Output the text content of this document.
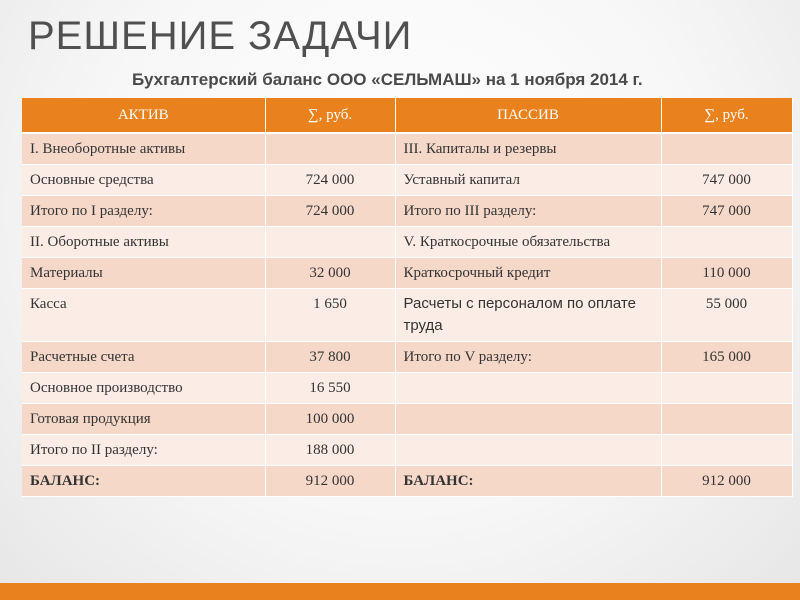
РЕШЕНИЕ ЗАДАЧИ
Бухгалтерский баланс ООО «СЕЛЬМАШ» на 1 ноября 2014 г.
АКТИВ	∑, руб.	ПАССИВ	∑, руб.
I. Внеоборотные активы		III. Капиталы и резервы	
Основные средства	724 000	Уставный капитал	747 000
Итого по I разделу:	724 000	Итого по III разделу:	747 000
II. Оборотные активы		V. Краткосрочные обязательства	
Материалы	32 000	Краткосрочный кредит	110 000
Касса	1 650	Расчеты с персоналом по оплате труда	55 000
Расчетные счета	37 800	Итого по V разделу:	165 000
Основное производство	16 550		
Готовая продукция	100 000		
Итого по II разделу:	188 000		
БАЛАНС:	912 000	БАЛАНС:	912 000
